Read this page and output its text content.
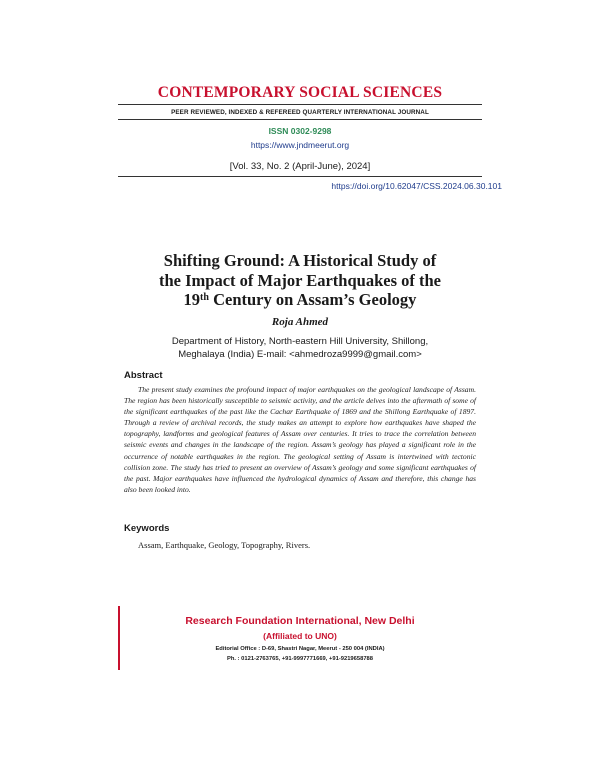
CONTEMPORARY SOCIAL SCIENCES
PEER REVIEWED, INDEXED & REFEREED QUARTERLY INTERNATIONAL JOURNAL
ISSN 0302-9298
https://www.jndmeerut.org
[Vol. 33, No. 2 (April-June), 2024]
https://doi.org/10.62047/CSS.2024.06.30.101
Shifting Ground: A Historical Study of
the Impact of Major Earthquakes of the
19th Century on Assam’s Geology
Roja Ahmed
Department of History, North-eastern Hill University, Shillong,
Meghalaya (India) E-mail: <ahmedroza9999@gmail.com>
Abstract
The present study examines the profound impact of major earthquakes on the geological landscape of Assam. The region has been historically susceptible to seismic activity, and the article delves into the aftermath of some of the significant earthquakes of the past like the Cachar Earthquake of 1869 and the Shillong Earthquake of 1897. Through a review of archival records, the study makes an attempt to explore how earthquakes have shaped the topography, landforms and geological features of Assam over centuries. It tries to trace the correlation between seismic events and changes in the landscape of the region. Assam’s geology has played a significant role in the occurrence of notable earthquakes in the region. The geological setting of Assam is intertwined with tectonic collision zone. The study has tried to present an overview of Assam’s geology and some significant earthquakes of the past. Major earthquakes have influenced the hydrological dynamics of Assam and therefore, this change has also been looked into.
Keywords
Assam, Earthquake, Geology, Topography, Rivers.
Research Foundation International, New Delhi
(Affiliated to UNO)
Editorial Office : D-69, Shastri Nagar, Meerut - 250 004 (INDIA)
Ph. : 0121-2763765, +91-9997771669, +91-9219658788
